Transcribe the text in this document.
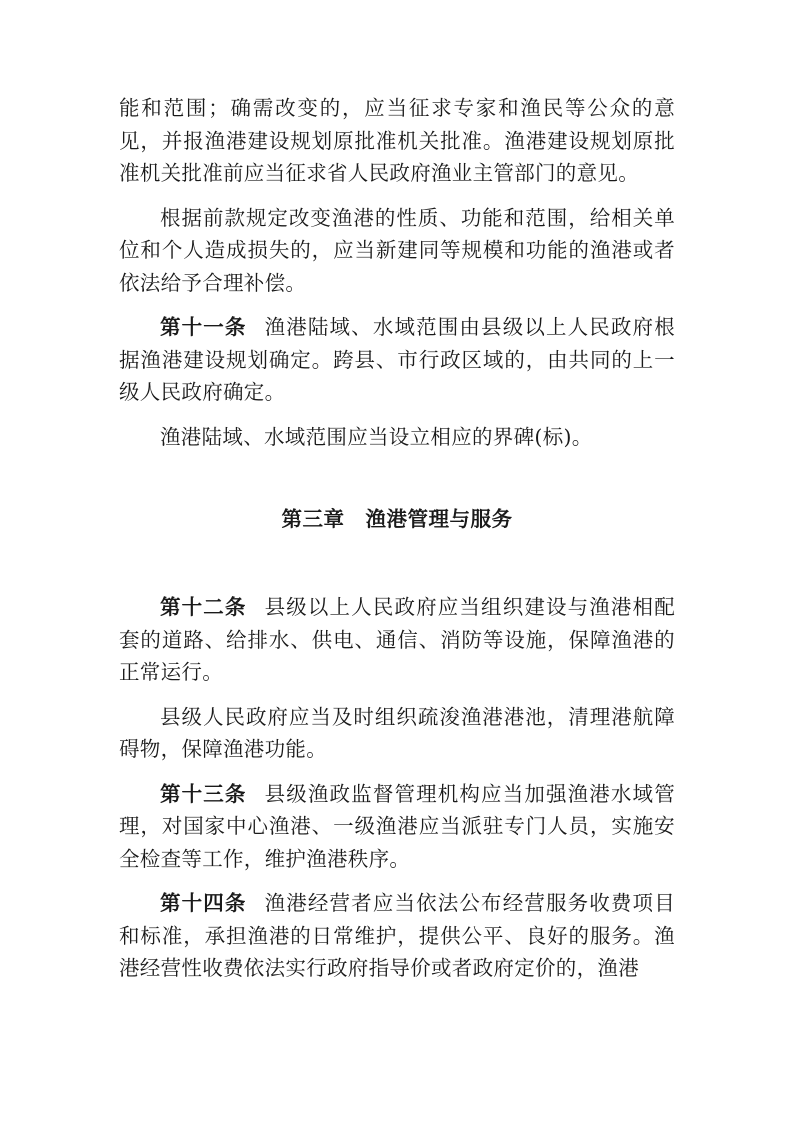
能和范围；确需改变的，应当征求专家和渔民等公众的意见，并报渔港建设规划原批准机关批准。渔港建设规划原批准机关批准前应当征求省人民政府渔业主管部门的意见。

根据前款规定改变渔港的性质、功能和范围，给相关单位和个人造成损失的，应当新建同等规模和功能的渔港或者依法给予合理补偿。

第十一条 渔港陆域、水域范围由县级以上人民政府根据渔港建设规划确定。跨县、市行政区域的，由共同的上一级人民政府确定。

渔港陆域、水域范围应当设立相应的界碑(标)。

第三章　渔港管理与服务

第十二条 县级以上人民政府应当组织建设与渔港相配套的道路、给排水、供电、通信、消防等设施，保障渔港的正常运行。

县级人民政府应当及时组织疏浚渔港港池，清理港航障碍物，保障渔港功能。

第十三条 县级渔政监督管理机构应当加强渔港水域管理，对国家中心渔港、一级渔港应当派驻专门人员，实施安全检查等工作，维护渔港秩序。

第十四条 渔港经营者应当依法公布经营服务收费项目和标准，承担渔港的日常维护，提供公平、良好的服务。渔港经营性收费依法实行政府指导价或者政府定价的，渔港
